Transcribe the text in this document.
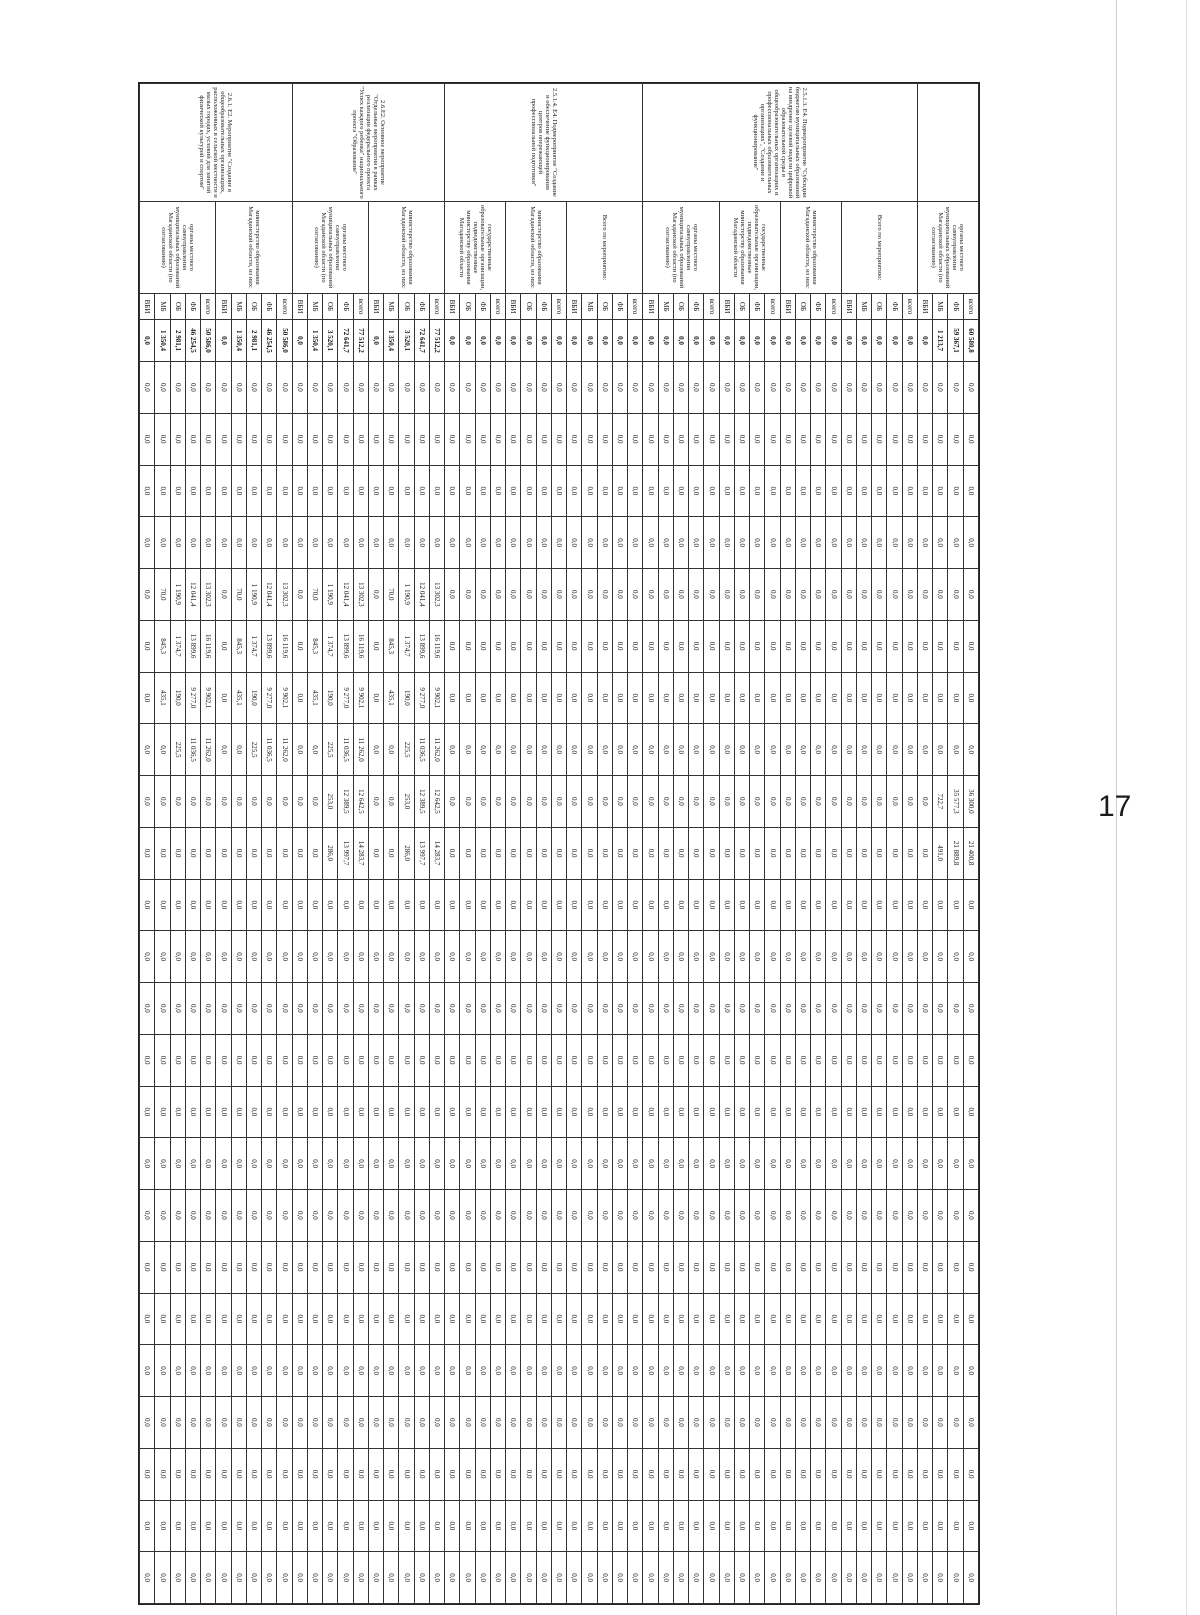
17
	органы местного самоуправления муниципальных образований Магаданской области (по согласованию)	всего	60 580,8	0,0	0,0	0,0	0,0	0,0	0,0	0,0	0,0	36 300,0	21 400,8	0,0	0,0	0,0	0,0	0,0	0,0	0,0	0,0	0,0	0,0	0,0	0,0	0,0	0,0
		ФБ	59 367,1	0,0	0,0	0,0	0,0	0,0	0,0	0,0	0,0	35 577,3	21 889,8	0,0	0,0	0,0	0,0	0,0	0,0	0,0	0,0	0,0	0,0	0,0	0,0	0,0	0,0
		МБ	1 213,7	0,0	0,0	0,0	0,0	0,0	0,0	0,0	0,0	722,7	491,0	0,0	0,0	0,0	0,0	0,0	0,0	0,0	0,0	0,0	0,0	0,0	0,0	0,0	0,0
		ВБИ	0,0	0,0	0,0	0,0	0,0	0,0	0,0	0,0	0,0	0,0	0,0	0,0	0,0	0,0	0,0	0,0	0,0	0,0	0,0	0,0	0,0	0,0	0,0	0,0	0,0
2.5.1.3. Е4. Подмероприятие "Субсидии бюджетам муниципальных образований на внедрение целевой модели цифровой образовательной среды в общеобразовательных организациях и профессиональных образовательных организациях", "Создание и функционирование"	Всего по мероприятию:	всего	0,0	0,0	0,0	0,0	0,0	0,0	0,0	0,0	0,0	0,0	0,0	0,0	0,0	0,0	0,0	0,0	0,0	0,0	0,0	0,0	0,0	0,0	0,0	0,0	0,0
		ФБ	0,0	0,0	0,0	0,0	0,0	0,0	0,0	0,0	0,0	0,0	0,0	0,0	0,0	0,0	0,0	0,0	0,0	0,0	0,0	0,0	0,0	0,0	0,0	0,0	0,0
		ОБ	0,0	0,0	0,0	0,0	0,0	0,0	0,0	0,0	0,0	0,0	0,0	0,0	0,0	0,0	0,0	0,0	0,0	0,0	0,0	0,0	0,0	0,0	0,0	0,0	0,0
		МБ	0,0	0,0	0,0	0,0	0,0	0,0	0,0	0,0	0,0	0,0	0,0	0,0	0,0	0,0	0,0	0,0	0,0	0,0	0,0	0,0	0,0	0,0	0,0	0,0	0,0
		ВБИ	0,0	0,0	0,0	0,0	0,0	0,0	0,0	0,0	0,0	0,0	0,0	0,0	0,0	0,0	0,0	0,0	0,0	0,0	0,0	0,0	0,0	0,0	0,0	0,0	0,0
	министерство образования Магаданской области, из них:	всего	0,0	0,0	0,0	0,0	0,0	0,0	0,0	0,0	0,0	0,0	0,0	0,0	0,0	0,0	0,0	0,0	0,0	0,0	0,0	0,0	0,0	0,0	0,0	0,0	0,0
		ФБ	0,0	0,0	0,0	0,0	0,0	0,0	0,0	0,0	0,0	0,0	0,0	0,0	0,0	0,0	0,0	0,0	0,0	0,0	0,0	0,0	0,0	0,0	0,0	0,0	0,0
		ОБ	0,0	0,0	0,0	0,0	0,0	0,0	0,0	0,0	0,0	0,0	0,0	0,0	0,0	0,0	0,0	0,0	0,0	0,0	0,0	0,0	0,0	0,0	0,0	0,0	0,0
		ВБИ	0,0	0,0	0,0	0,0	0,0	0,0	0,0	0,0	0,0	0,0	0,0	0,0	0,0	0,0	0,0	0,0	0,0	0,0	0,0	0,0	0,0	0,0	0,0	0,0	0,0
	государственные образовательные организации, подведомственные министерству образования Магаданской области	всего	0,0	0,0	0,0	0,0	0,0	0,0	0,0	0,0	0,0	0,0	0,0	0,0	0,0	0,0	0,0	0,0	0,0	0,0	0,0	0,0	0,0	0,0	0,0	0,0	0,0
		ФБ	0,0	0,0	0,0	0,0	0,0	0,0	0,0	0,0	0,0	0,0	0,0	0,0	0,0	0,0	0,0	0,0	0,0	0,0	0,0	0,0	0,0	0,0	0,0	0,0	0,0
		ОБ	0,0	0,0	0,0	0,0	0,0	0,0	0,0	0,0	0,0	0,0	0,0	0,0	0,0	0,0	0,0	0,0	0,0	0,0	0,0	0,0	0,0	0,0	0,0	0,0	0,0
		ВБИ	0,0	0,0	0,0	0,0	0,0	0,0	0,0	0,0	0,0	0,0	0,0	0,0	0,0	0,0	0,0	0,0	0,0	0,0	0,0	0,0	0,0	0,0	0,0	0,0	0,0
	органы местного самоуправления муниципальных образований Магаданской области (по согласованию)	всего	0,0	0,0	0,0	0,0	0,0	0,0	0,0	0,0	0,0	0,0	0,0	0,0	0,0	0,0	0,0	0,0	0,0	0,0	0,0	0,0	0,0	0,0	0,0	0,0	0,0
		ФБ	0,0	0,0	0,0	0,0	0,0	0,0	0,0	0,0	0,0	0,0	0,0	0,0	0,0	0,0	0,0	0,0	0,0	0,0	0,0	0,0	0,0	0,0	0,0	0,0	0,0
		ОБ	0,0	0,0	0,0	0,0	0,0	0,0	0,0	0,0	0,0	0,0	0,0	0,0	0,0	0,0	0,0	0,0	0,0	0,0	0,0	0,0	0,0	0,0	0,0	0,0	0,0
		МБ	0,0	0,0	0,0	0,0	0,0	0,0	0,0	0,0	0,0	0,0	0,0	0,0	0,0	0,0	0,0	0,0	0,0	0,0	0,0	0,0	0,0	0,0	0,0	0,0	0,0
		ВБИ	0,0	0,0	0,0	0,0	0,0	0,0	0,0	0,0	0,0	0,0	0,0	0,0	0,0	0,0	0,0	0,0	0,0	0,0	0,0	0,0	0,0	0,0	0,0	0,0	0,0
2.5.1.4. Е4. Подмероприятие "Создание и обеспечение функционирования центров опережающей профессиональной подготовки"	Всего по мероприятию:	всего	0,0	0,0	0,0	0,0	0,0	0,0	0,0	0,0	0,0	0,0	0,0	0,0	0,0	0,0	0,0	0,0	0,0	0,0	0,0	0,0	0,0	0,0	0,0	0,0	0,0
		ФБ	0,0	0,0	0,0	0,0	0,0	0,0	0,0	0,0	0,0	0,0	0,0	0,0	0,0	0,0	0,0	0,0	0,0	0,0	0,0	0,0	0,0	0,0	0,0	0,0	0,0
		ОБ	0,0	0,0	0,0	0,0	0,0	0,0	0,0	0,0	0,0	0,0	0,0	0,0	0,0	0,0	0,0	0,0	0,0	0,0	0,0	0,0	0,0	0,0	0,0	0,0	0,0
		МБ	0,0	0,0	0,0	0,0	0,0	0,0	0,0	0,0	0,0	0,0	0,0	0,0	0,0	0,0	0,0	0,0	0,0	0,0	0,0	0,0	0,0	0,0	0,0	0,0	0,0
		ВБИ	0,0	0,0	0,0	0,0	0,0	0,0	0,0	0,0	0,0	0,0	0,0	0,0	0,0	0,0	0,0	0,0	0,0	0,0	0,0	0,0	0,0	0,0	0,0	0,0	0,0
	министерство образования Магаданской области, из них:	всего	0,0	0,0	0,0	0,0	0,0	0,0	0,0	0,0	0,0	0,0	0,0	0,0	0,0	0,0	0,0	0,0	0,0	0,0	0,0	0,0	0,0	0,0	0,0	0,0	0,0
		ФБ	0,0	0,0	0,0	0,0	0,0	0,0	0,0	0,0	0,0	0,0	0,0	0,0	0,0	0,0	0,0	0,0	0,0	0,0	0,0	0,0	0,0	0,0	0,0	0,0	0,0
		ОБ	0,0	0,0	0,0	0,0	0,0	0,0	0,0	0,0	0,0	0,0	0,0	0,0	0,0	0,0	0,0	0,0	0,0	0,0	0,0	0,0	0,0	0,0	0,0	0,0	0,0
		ВБИ	0,0	0,0	0,0	0,0	0,0	0,0	0,0	0,0	0,0	0,0	0,0	0,0	0,0	0,0	0,0	0,0	0,0	0,0	0,0	0,0	0,0	0,0	0,0	0,0	0,0
	государственные образовательные организации, подведомственные министерству образования Магаданской области	всего	0,0	0,0	0,0	0,0	0,0	0,0	0,0	0,0	0,0	0,0	0,0	0,0	0,0	0,0	0,0	0,0	0,0	0,0	0,0	0,0	0,0	0,0	0,0	0,0	0,0
		ФБ	0,0	0,0	0,0	0,0	0,0	0,0	0,0	0,0	0,0	0,0	0,0	0,0	0,0	0,0	0,0	0,0	0,0	0,0	0,0	0,0	0,0	0,0	0,0	0,0	0,0
		ОБ	0,0	0,0	0,0	0,0	0,0	0,0	0,0	0,0	0,0	0,0	0,0	0,0	0,0	0,0	0,0	0,0	0,0	0,0	0,0	0,0	0,0	0,0	0,0	0,0	0,0
		ВБИ	0,0	0,0	0,0	0,0	0,0	0,0	0,0	0,0	0,0	0,0	0,0	0,0	0,0	0,0	0,0	0,0	0,0	0,0	0,0	0,0	0,0	0,0	0,0	0,0	0,0
2.6.Е2. Основное мероприятие "Отдельные мероприятия в рамках реализации федерального проекта "Успех каждого ребенка" национального проекта "Образование"	министерство образования Магаданской области, из них:	всего	77 512,2	0,0	0,0	0,0	0,0	13 302,3	16 119,6	9 902,1	11 262,0	12 642,5	14 283,7	0,0	0,0	0,0	0,0	0,0	0,0	0,0	0,0	0,0	0,0	0,0	0,0	0,0	0,0
		ФБ	72 641,7	0,0	0,0	0,0	0,0	12 041,4	13 899,6	9 277,0	11 036,5	12 389,5	13 997,7	0,0	0,0	0,0	0,0	0,0	0,0	0,0	0,0	0,0	0,0	0,0	0,0	0,0	0,0
		ОБ	3 520,1	0,0	0,0	0,0	0,0	1 190,9	1 374,7	190,0	225,5	253,0	286,0	0,0	0,0	0,0	0,0	0,0	0,0	0,0	0,0	0,0	0,0	0,0	0,0	0,0	0,0
		МБ	1 350,4	0,0	0,0	0,0	0,0	70,0	845,3	435,1	0,0	0,0	0,0	0,0	0,0	0,0	0,0	0,0	0,0	0,0	0,0	0,0	0,0	0,0	0,0	0,0	0,0
		ВБИ	0,0	0,0	0,0	0,0	0,0	0,0	0,0	0,0	0,0	0,0	0,0	0,0	0,0	0,0	0,0	0,0	0,0	0,0	0,0	0,0	0,0	0,0	0,0	0,0	0,0
	органы местного самоуправления муниципальных образований Магаданской области (по согласованию)	всего	77 512,2	0,0	0,0	0,0	0,0	13 302,3	16 119,6	9 902,1	11 262,0	12 642,5	14 283,7	0,0	0,0	0,0	0,0	0,0	0,0	0,0	0,0	0,0	0,0	0,0	0,0	0,0	0,0
		ФБ	72 641,7	0,0	0,0	0,0	0,0	12 041,4	13 899,6	9 277,0	11 036,5	12 389,5	13 997,7	0,0	0,0	0,0	0,0	0,0	0,0	0,0	0,0	0,0	0,0	0,0	0,0	0,0	0,0
		ОБ	3 520,1	0,0	0,0	0,0	0,0	1 190,9	1 374,7	190,0	225,5	253,0	286,0	0,0	0,0	0,0	0,0	0,0	0,0	0,0	0,0	0,0	0,0	0,0	0,0	0,0	0,0
		МБ	1 350,4	0,0	0,0	0,0	0,0	70,0	845,3	435,1	0,0	0,0	0,0	0,0	0,0	0,0	0,0	0,0	0,0	0,0	0,0	0,0	0,0	0,0	0,0	0,0	0,0
		ВБИ	0,0	0,0	0,0	0,0	0,0	0,0	0,0	0,0	0,0	0,0	0,0	0,0	0,0	0,0	0,0	0,0	0,0	0,0	0,0	0,0	0,0	0,0	0,0	0,0	0,0
2.6.1. Е2. Мероприятие "Создание в общеобразовательных организациях, расположенных в сельской местности и малых городах, условий для занятий физической культурой и спортом"	министерство образования Магаданской области, из них:	всего	50 586,0	0,0	0,0	0,0	0,0	13 302,3	16 119,6	9 902,1	11 262,0	0,0	0,0	0,0	0,0	0,0	0,0	0,0	0,0	0,0	0,0	0,0	0,0	0,0	0,0	0,0	0,0
		ФБ	46 254,5	0,0	0,0	0,0	0,0	12 041,4	13 899,6	9 277,0	11 036,5	0,0	0,0	0,0	0,0	0,0	0,0	0,0	0,0	0,0	0,0	0,0	0,0	0,0	0,0	0,0	0,0
		ОБ	2 981,1	0,0	0,0	0,0	0,0	1 190,9	1 374,7	190,0	225,5	0,0	0,0	0,0	0,0	0,0	0,0	0,0	0,0	0,0	0,0	0,0	0,0	0,0	0,0	0,0	0,0
		МБ	1 350,4	0,0	0,0	0,0	0,0	70,0	845,3	435,1	0,0	0,0	0,0	0,0	0,0	0,0	0,0	0,0	0,0	0,0	0,0	0,0	0,0	0,0	0,0	0,0	0,0
		ВБИ	0,0	0,0	0,0	0,0	0,0	0,0	0,0	0,0	0,0	0,0	0,0	0,0	0,0	0,0	0,0	0,0	0,0	0,0	0,0	0,0	0,0	0,0	0,0	0,0	0,0
	органы местного самоуправления муниципальных образований Магаданской области (по согласованию)	всего	50 586,0	0,0	0,0	0,0	0,0	13 302,3	16 119,6	9 902,1	11 262,0	0,0	0,0	0,0	0,0	0,0	0,0	0,0	0,0	0,0	0,0	0,0	0,0	0,0	0,0	0,0	0,0
		ФБ	46 254,5	0,0	0,0	0,0	0,0	12 041,4	13 899,6	9 277,0	11 036,5	0,0	0,0	0,0	0,0	0,0	0,0	0,0	0,0	0,0	0,0	0,0	0,0	0,0	0,0	0,0	0,0
		ОБ	2 981,1	0,0	0,0	0,0	0,0	1 190,9	1 374,7	190,0	225,5	0,0	0,0	0,0	0,0	0,0	0,0	0,0	0,0	0,0	0,0	0,0	0,0	0,0	0,0	0,0	0,0
		МБ	1 350,4	0,0	0,0	0,0	0,0	70,0	845,3	435,1	0,0	0,0	0,0	0,0	0,0	0,0	0,0	0,0	0,0	0,0	0,0	0,0	0,0	0,0	0,0	0,0	0,0
		ВБИ	0,0	0,0	0,0	0,0	0,0	0,0	0,0	0,0	0,0	0,0	0,0	0,0	0,0	0,0	0,0	0,0	0,0	0,0	0,0	0,0	0,0	0,0	0,0	0,0	0,0
